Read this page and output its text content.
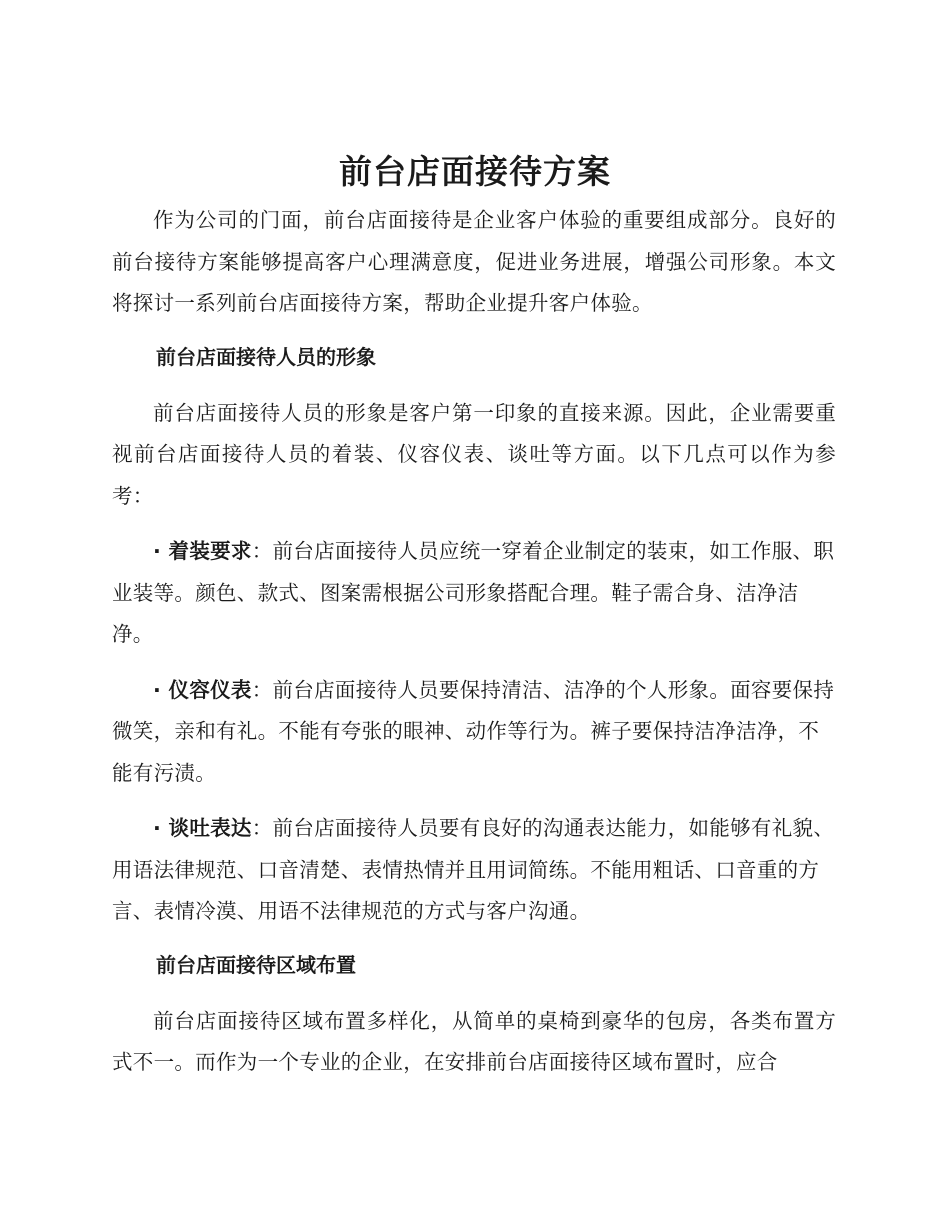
前台店面接待方案

作为公司的门面，前台店面接待是企业客户体验的重要组成部分。良好的前台接待方案能够提高客户心理满意度，促进业务进展，增强公司形象。本文将探讨一系列前台店面接待方案，帮助企业提升客户体验。

前台店面接待人员的形象

前台店面接待人员的形象是客户第一印象的直接来源。因此，企业需要重视前台店面接待人员的着装、仪容仪表、谈吐等方面。以下几点可以作为参考：

· 着装要求：前台店面接待人员应统一穿着企业制定的装束，如工作服、职业装等。颜色、款式、图案需根据公司形象搭配合理。鞋子需合身、洁净洁净。

· 仪容仪表：前台店面接待人员要保持清洁、洁净的个人形象。面容要保持微笑，亲和有礼。不能有夸张的眼神、动作等行为。裤子要保持洁净洁净，不能有污渍。

· 谈吐表达：前台店面接待人员要有良好的沟通表达能力，如能够有礼貌、用语法律规范、口音清楚、表情热情并且用词简练。不能用粗话、口音重的方言、表情冷漠、用语不法律规范的方式与客户沟通。

前台店面接待区域布置

前台店面接待区域布置多样化，从简单的桌椅到豪华的包房，各类布置方式不一。而作为一个专业的企业，在安排前台店面接待区域布置时，应合
